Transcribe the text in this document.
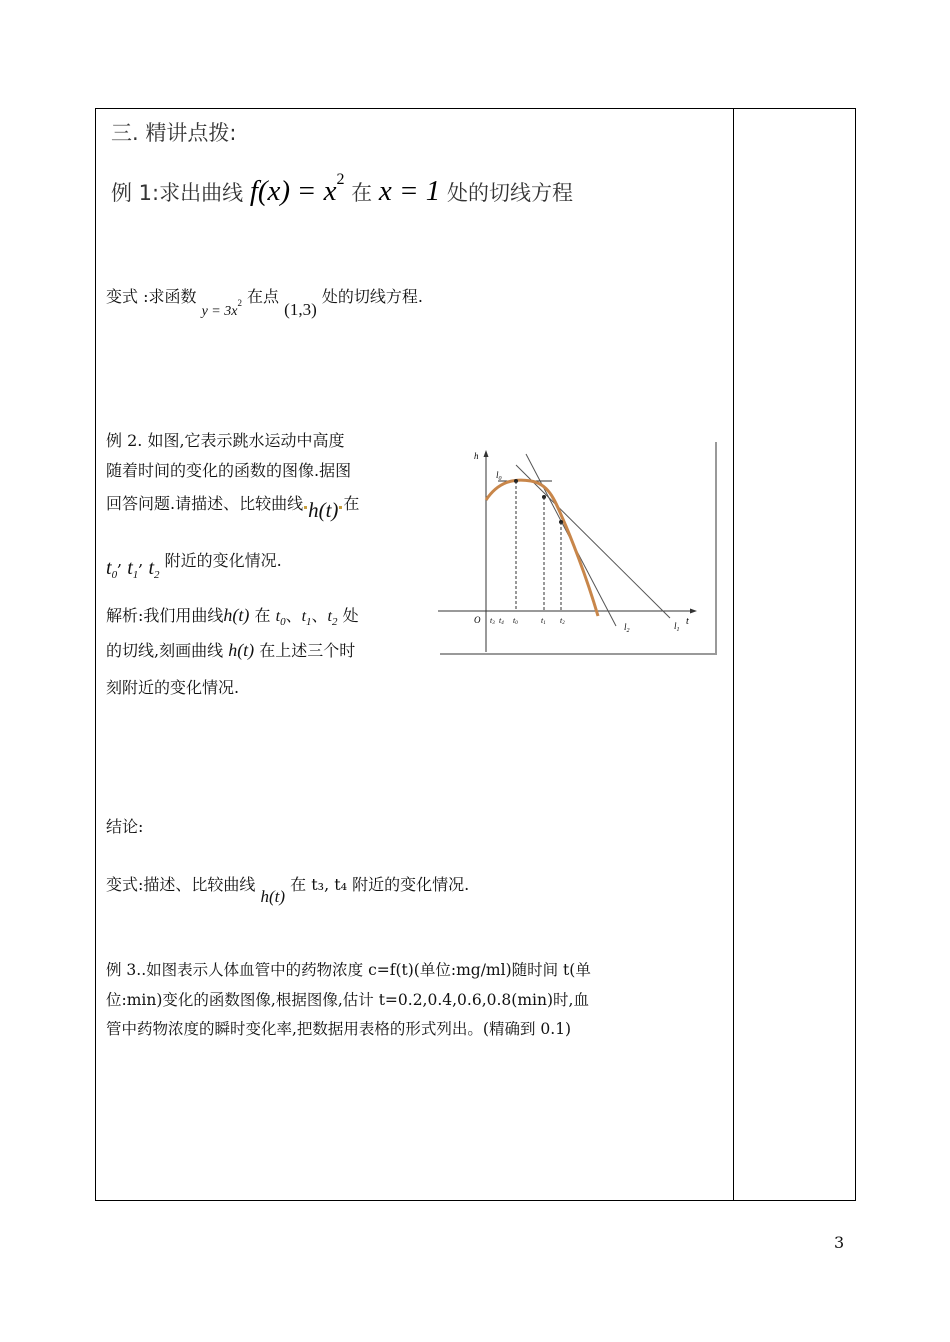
三. 精讲点拨:
例 1:求出曲线 $f(x) = x^2$ 在 x = 1 处的切线方程
变式 :求函数 $y = 3x_2$ 在点 (1,3) 处的切线方程.
例 2. 如图,它表示跳水运动中高度
随着时间的变化的函数的图像.据图
回答问题.请描述、比较曲线 h(t) 在
$t_0$, $t_1$, $t_2$ 附近的变化情况.
解析:我们用曲线h(t) 在 $t_0$、$t_1$、$t_2$ 处
的切线,刻画曲线 h(t) 在上述三个时
刻附近的变化情况.
h
t
O
$l_0$
t3 t4 t0	t1 t2	$l_2$	$l_1$
结论:
变式:描述、比较曲线 h(t) 在 t₃, t₄ 附近的变化情况.
例 3..如图表示人体血管中的药物浓度 c=f(t)(单位:mg/ml)随时间 t(单
位:min)变化的函数图像,根据图像,估计 t=0.2,0.4,0.6,0.8(min)时,血
管中药物浓度的瞬时变化率,把数据用表格的形式列出。(精确到 0.1)
3
